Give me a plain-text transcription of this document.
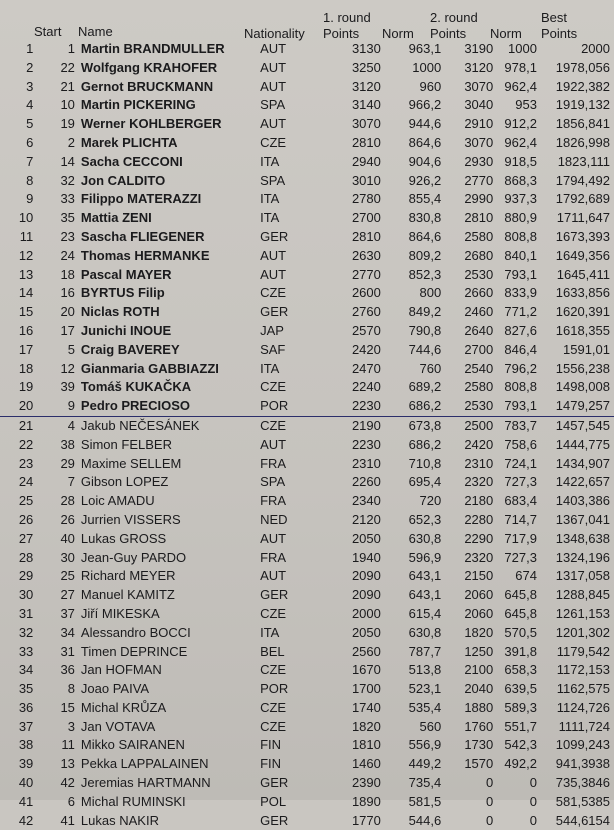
Start Name	Nationality
1. round	2. round	Best
Points Norm Points Norm Points
1	1	Martin BRANDMULLER	AUT	3130	963,1	3190	1000	2000
2	22	Wolfgang KRAHOFER	AUT	3250	1000	3120	978,1	1978,056
3	21	Gernot BRUCKMANN	AUT	3120	960	3070	962,4	1922,382
4	10	Martin PICKERING	SPA	3140	966,2	3040	953	1919,132
5	19	Werner KOHLBERGER	AUT	3070	944,6	2910	912,2	1856,841
6	2	Marek PLICHTA	CZE	2810	864,6	3070	962,4	1826,998
7	14	Sacha CECCONI	ITA	2940	904,6	2930	918,5	1823,111
8	32	Jon CALDITO	SPA	3010	926,2	2770	868,3	1794,492
9	33	Filippo MATERAZZI	ITA	2780	855,4	2990	937,3	1792,689
10	35	Mattia ZENI	ITA	2700	830,8	2810	880,9	1711,647
11	23	Sascha FLIEGENER	GER	2810	864,6	2580	808,8	1673,393
12	24	Thomas HERMANKE	AUT	2630	809,2	2680	840,1	1649,356
13	18	Pascal MAYER	AUT	2770	852,3	2530	793,1	1645,411
14	16	BYRTUS Filip	CZE	2600	800	2660	833,9	1633,856
15	20	Niclas ROTH	GER	2760	849,2	2460	771,2	1620,391
16	17	Junichi INOUE	JAP	2570	790,8	2640	827,6	1618,355
17	5	Craig BAVEREY	SAF	2420	744,6	2700	846,4	1591,01
18	12	Gianmaria GABBIAZZI	ITA	2470	760	2540	796,2	1556,238
19	39	Tomáš KUKAČKA	CZE	2240	689,2	2580	808,8	1498,008
20	9	Pedro PRECIOSO	POR	2230	686,2	2530	793,1	1479,257
21	4	Jakub NEČESÁNEK	CZE	2190	673,8	2500	783,7	1457,545
22	38	Simon FELBER	AUT	2230	686,2	2420	758,6	1444,775
23	29	Maxime SELLEM	FRA	2310	710,8	2310	724,1	1434,907
24	7	Gibson LOPEZ	SPA	2260	695,4	2320	727,3	1422,657
25	28	Loic AMADU	FRA	2340	720	2180	683,4	1403,386
26	26	Jurrien VISSERS	NED	2120	652,3	2280	714,7	1367,041
27	40	Lukas GROSS	AUT	2050	630,8	2290	717,9	1348,638
28	30	Jean-Guy PARDO	FRA	1940	596,9	2320	727,3	1324,196
29	25	Richard MEYER	AUT	2090	643,1	2150	674	1317,058
30	27	Manuel KAMITZ	GER	2090	643,1	2060	645,8	1288,845
31	37	Jiří MIKESKA	CZE	2000	615,4	2060	645,8	1261,153
32	34	Alessandro BOCCI	ITA	2050	630,8	1820	570,5	1201,302
33	31	Timen DEPRINCE	BEL	2560	787,7	1250	391,8	1179,542
34	36	Jan HOFMAN	CZE	1670	513,8	2100	658,3	1172,153
35	8	Joao PAIVA	POR	1700	523,1	2040	639,5	1162,575
36	15	Michal KRŮZA	CZE	1740	535,4	1880	589,3	1124,726
37	3	Jan VOTAVA	CZE	1820	560	1760	551,7	1111,724
38	11	Mikko SAIRANEN	FIN	1810	556,9	1730	542,3	1099,243
39	13	Pekka LAPPALAINEN	FIN	1460	449,2	1570	492,2	941,3938
40	42	Jeremias HARTMANN	GER	2390	735,4	0	0	735,3846
41	6	Michal RUMINSKI	POL	1890	581,5	0	0	581,5385
42	41	Lukas NAKIR	GER	1770	544,6	0	0	544,6154
